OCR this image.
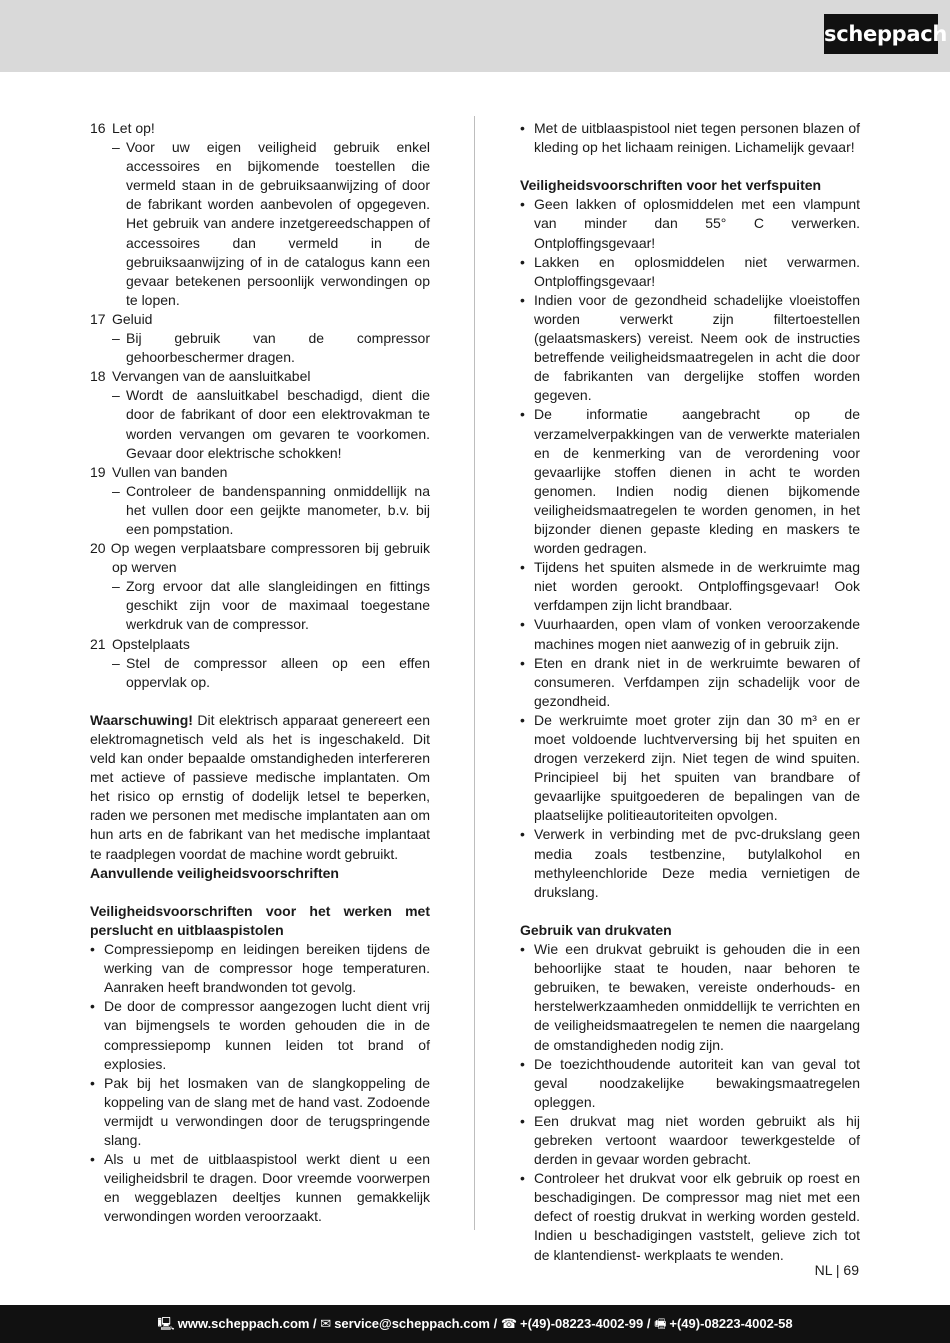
scheppach
16 Let op!
– Voor uw eigen veiligheid gebruik enkel accessoires en bijkomende toestellen die vermeld staan in de gebruiksaanwijzing of door de fabrikant worden aanbevolen of opgegeven. Het gebruik van andere inzetgereedschappen of accessoires dan vermeld in de gebruiksaanwijzing of in de catalogus kann een gevaar betekenen persoonlijk verwondingen op te lopen.
17 Geluid
– Bij gebruik van de compressor gehoorbeschermer dragen.
18 Vervangen van de aansluitkabel
– Wordt de aansluitkabel beschadigd, dient die door de fabrikant of door een elektrovakman te worden vervangen om gevaren te voorkomen. Gevaar door elektrische schokken!
19 Vullen van banden
– Controleer de bandenspanning onmiddellijk na het vullen door een geijkte manometer, b.v. bij een pompstation.
20 Op wegen verplaatsbare compressoren bij gebruik op werven
– Zorg ervoor dat alle slangleidingen en fittings geschikt zijn voor de maximaal toegestane werkdruk van de compressor.
21 Opstelplaats
– Stel de compressor alleen op een effen oppervlak op.

Waarschuwing! Dit elektrisch apparaat genereert een elektromagnetisch veld als het is ingeschakeld. Dit veld kan onder bepaalde omstandigheden interfereren met actieve of passieve medische implantaten. Om het risico op ernstig of dodelijk letsel te beperken, raden we personen met medische implantaten aan om hun arts en de fabrikant van het medische implantaat te raadplegen voordat de machine wordt gebruikt.

Aanvullende veiligheidsvoorschriften

Veiligheidsvoorschriften voor het werken met perslucht en uitblaaspistolen

• Compressiepomp en leidingen bereiken tijdens de werking van de compressor hoge temperaturen. Aanraken heeft brandwonden tot gevolg.
• De door de compressor aangezogen lucht dient vrij van bijmengsels te worden gehouden die in de compressiepomp kunnen leiden tot brand of explosies.
• Pak bij het losmaken van de slangkoppeling de koppeling van de slang met de hand vast. Zodoende vermijdt u verwondingen door de terugspringende slang.
• Als u met de uitblaaspistool werkt dient u een veiligheidsbril te dragen. Door vreemde voorwerpen en weggeblazen deeltjes kunnen gemakkelijk verwondingen worden veroorzaakt.
• Met de uitblaaspistool niet tegen personen blazen of kleding op het lichaam reinigen. Lichamelijk gevaar!

Veiligheidsvoorschriften voor het verfspuiten

• Geen lakken of oplosmiddelen met een vlampunt van minder dan 55° C verwerken. Ontploffingsgevaar!
• Lakken en oplosmiddelen niet verwarmen. Ontploffingsgevaar!
• Indien voor de gezondheid schadelijke vloeistoffen worden verwerkt zijn filtertoestellen (gelaatsmaskers) vereist. Neem ook de instructies betreffende veiligheidsmaatregelen in acht die door de fabrikanten van dergelijke stoffen worden gegeven.
• De informatie aangebracht op de verzamelverpakkingen van de verwerkte materialen en de kenmerking van de verordening voor gevaarlijke stoffen dienen in acht te worden genomen. Indien nodig dienen bijkomende veiligheidsmaatregelen te worden genomen, in het bijzonder dienen gepaste kleding en maskers te worden gedragen.
• Tijdens het spuiten alsmede in de werkruimte mag niet worden gerookt. Ontploffingsgevaar! Ook verfdampen zijn licht brandbaar.
• Vuurhaarden, open vlam of vonken veroorzakende machines mogen niet aanwezig of in gebruik zijn.
• Eten en drank niet in de werkruimte bewaren of consumeren. Verfdampen zijn schadelijk voor de gezondheid.
• De werkruimte moet groter zijn dan 30 m³ en er moet voldoende luchtverversing bij het spuiten en drogen verzekerd zijn. Niet tegen de wind spuiten. Principieel bij het spuiten van brandbare of gevaarlijke spuitgoederen de bepalingen van de plaatselijke politieautoriteiten opvolgen.
• Verwerk in verbinding met de pvc-drukslang geen media zoals testbenzine, butylalkohol en methyleenchloride Deze media vernietigen de drukslang.

Gebruik van drukvaten

• Wie een drukvat gebruikt is gehouden die in een behoorlijke staat te houden, naar behoren te gebruiken, te bewaken, vereiste onderhouds- en herstelwerkzaamheden onmiddellijk te verrichten en de veiligheidsmaatregelen te nemen die naargelang de omstandigheden nodig zijn.
• De toezichthoudende autoriteit kan van geval tot geval noodzakelijke bewakingsmaatregelen opleggen.
• Een drukvat mag niet worden gebruikt als hij gebreken vertoont waardoor tewerkgestelde of derden in gevaar worden gebracht.
• Controleer het drukvat voor elk gebruik op roest en beschadigingen. De compressor mag niet met een defect of roestig drukvat in werking worden gesteld. Indien u beschadigingen vaststelt, gelieve zich tot de klantendienst- werkplaats te wenden.
NL | 69
🖳 www.scheppach.com / ✉ service@scheppach.com / ☎ +(49)-08223-4002-99 / 🖷 +(49)-08223-4002-58
